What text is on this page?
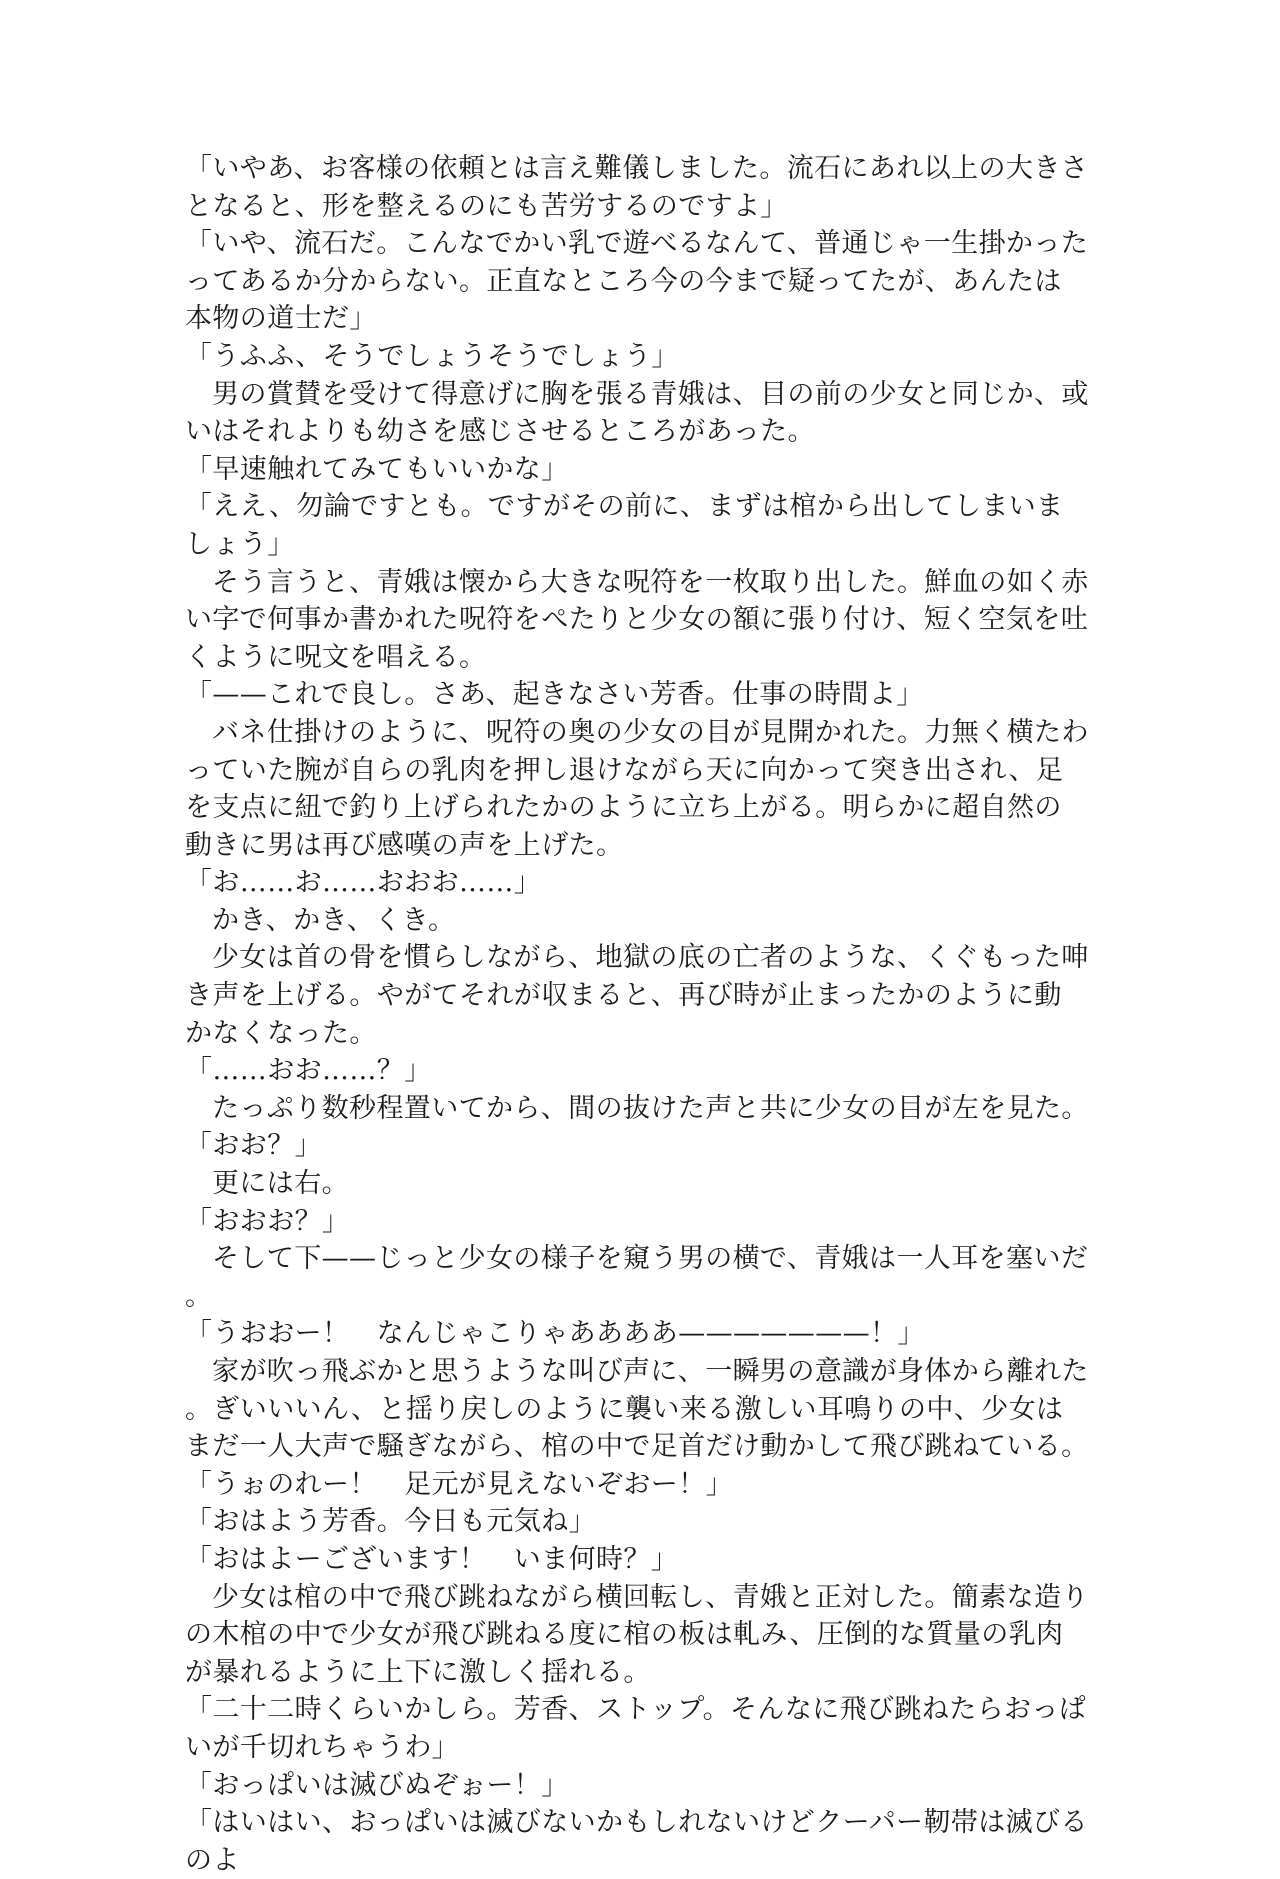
「いやあ、お客様の依頼とは言え難儀しました。流石にあれ以上の大きさとなると、形を整えるのにも苦労するのですよ」

「いや、流石だ。こんなでかい乳で遊べるなんて、普通じゃ一生掛かったってあるか分からない。正直なところ今の今まで疑ってたが、あんたは本物の道士だ」

「うふふ、そうでしょうそうでしょう」

男の賞賛を受けて得意げに胸を張る青娥は、目の前の少女と同じか、或いはそれよりも幼さを感じさせるところがあった。

「早速触れてみてもいいかな」

「ええ、勿論ですとも。ですがその前に、まずは棺から出してしまいましょう」

そう言うと、青娥は懐から大きな呪符を一枚取り出した。鮮血の如く赤い字で何事か書かれた呪符をぺたりと少女の額に張り付け、短く空気を吐くように呪文を唱える。

「——これで良し。さあ、起きなさい芳香。仕事の時間よ」

バネ仕掛けのように、呪符の奥の少女の目が見開かれた。力無く横たわっていた腕が自らの乳肉を押し退けながら天に向かって突き出され、足を支点に紐で釣り上げられたかのように立ち上がる。明らかに超自然の動きに男は再び感嘆の声を上げた。

「お……お……おおお……」

かき、かき、くき。

少女は首の骨を慣らしながら、地獄の底の亡者のような、くぐもった呻き声を上げる。やがてそれが収まると、再び時が止まったかのように動かなくなった。

「……おお……？」

たっぷり数秒程置いてから、間の抜けた声と共に少女の目が左を見た。

「おお？」

更には右。

「おおお？」

そして下——じっと少女の様子を窺う男の横で、青娥は一人耳を塞いだ。

「うおおー！　なんじゃこりゃああああ———————！」

家が吹っ飛ぶかと思うような叫び声に、一瞬男の意識が身体から離れた。ぎいいいん、と揺り戻しのように襲い来る激しい耳鳴りの中、少女はまだ一人大声で騒ぎながら、棺の中で足首だけ動かして飛び跳ねている。

「うぉのれー！　足元が見えないぞおー！」

「おはよう芳香。今日も元気ね」

「おはよーございます！　いま何時？」

少女は棺の中で飛び跳ねながら横回転し、青娥と正対した。簡素な造りの木棺の中で少女が飛び跳ねる度に棺の板は軋み、圧倒的な質量の乳肉が暴れるように上下に激しく揺れる。

「二十二時くらいかしら。芳香、ストップ。そんなに飛び跳ねたらおっぱいが千切れちゃうわ」

「おっぱいは滅びぬぞぉー！」

「はいはい、おっぱいは滅びないかもしれないけどクーパー靭帯は滅びるのよ
